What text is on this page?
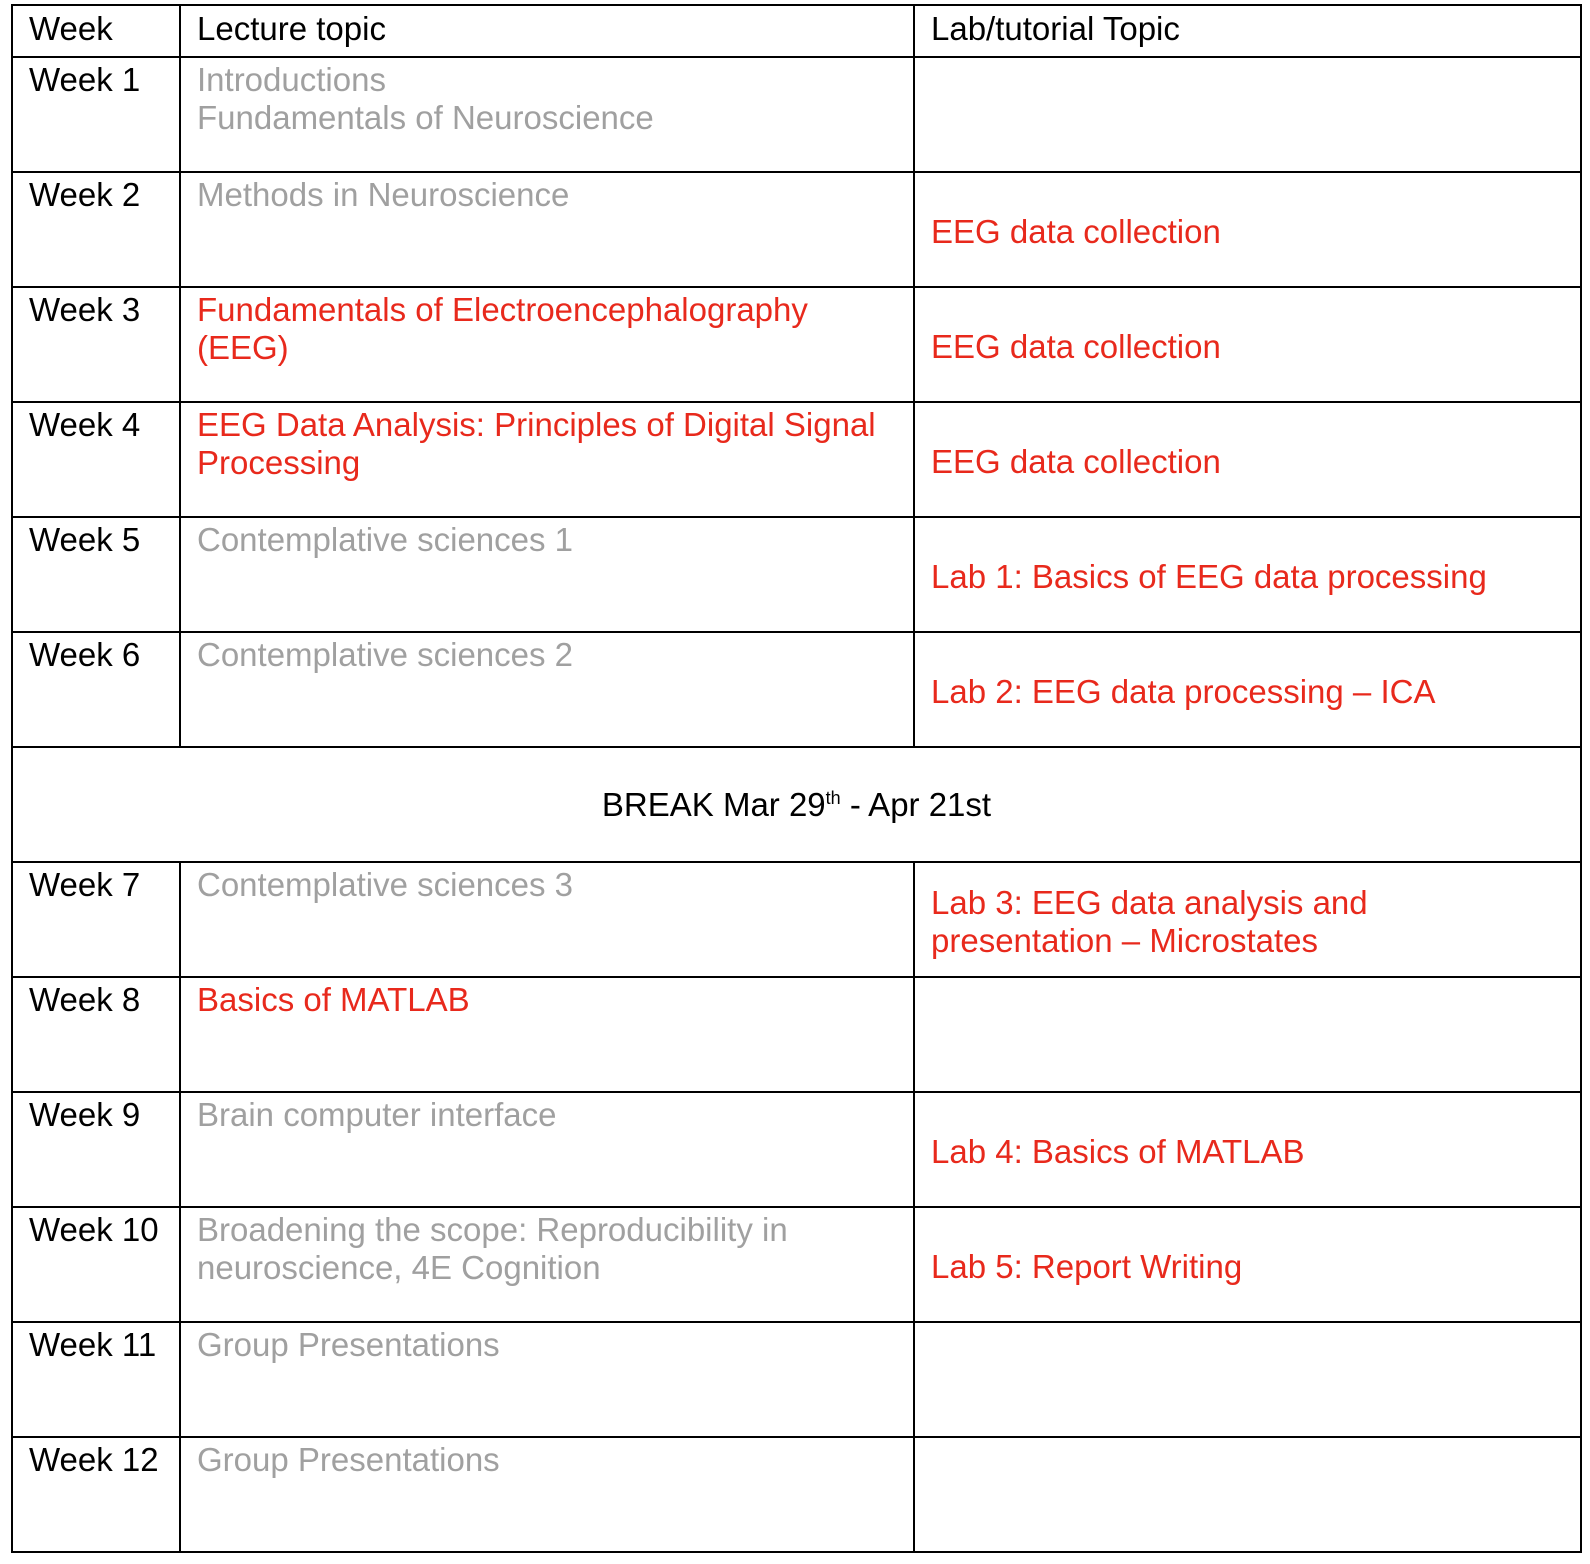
Week	Lecture topic	Lab/tutorial Topic
Week 1	Introductions
Fundamentals of Neuroscience	

Week 2	Methods in Neuroscience	EEG data collection

Week 3	Fundamentals of Electroencephalography (EEG)	EEG data collection

Week 4	EEG Data Analysis: Principles of Digital Signal Processing	EEG data collection

Week 5	Contemplative sciences 1	Lab 1: Basics of EEG data processing

Week 6	Contemplative sciences 2	Lab 2: EEG data processing – ICA

BREAK Mar 29th - Apr 21st		
Week 7	Contemplative sciences 3	Lab 3: EEG data analysis and presentation – Microstates

Week 8	Basics of MATLAB	

Week 9	Brain computer interface	Lab 4: Basics of MATLAB

Week 10	Broadening the scope: Reproducibility in neuroscience, 4E Cognition	Lab 5: Report Writing

Week 11	Group Presentations	

Week 12	Group Presentations	
